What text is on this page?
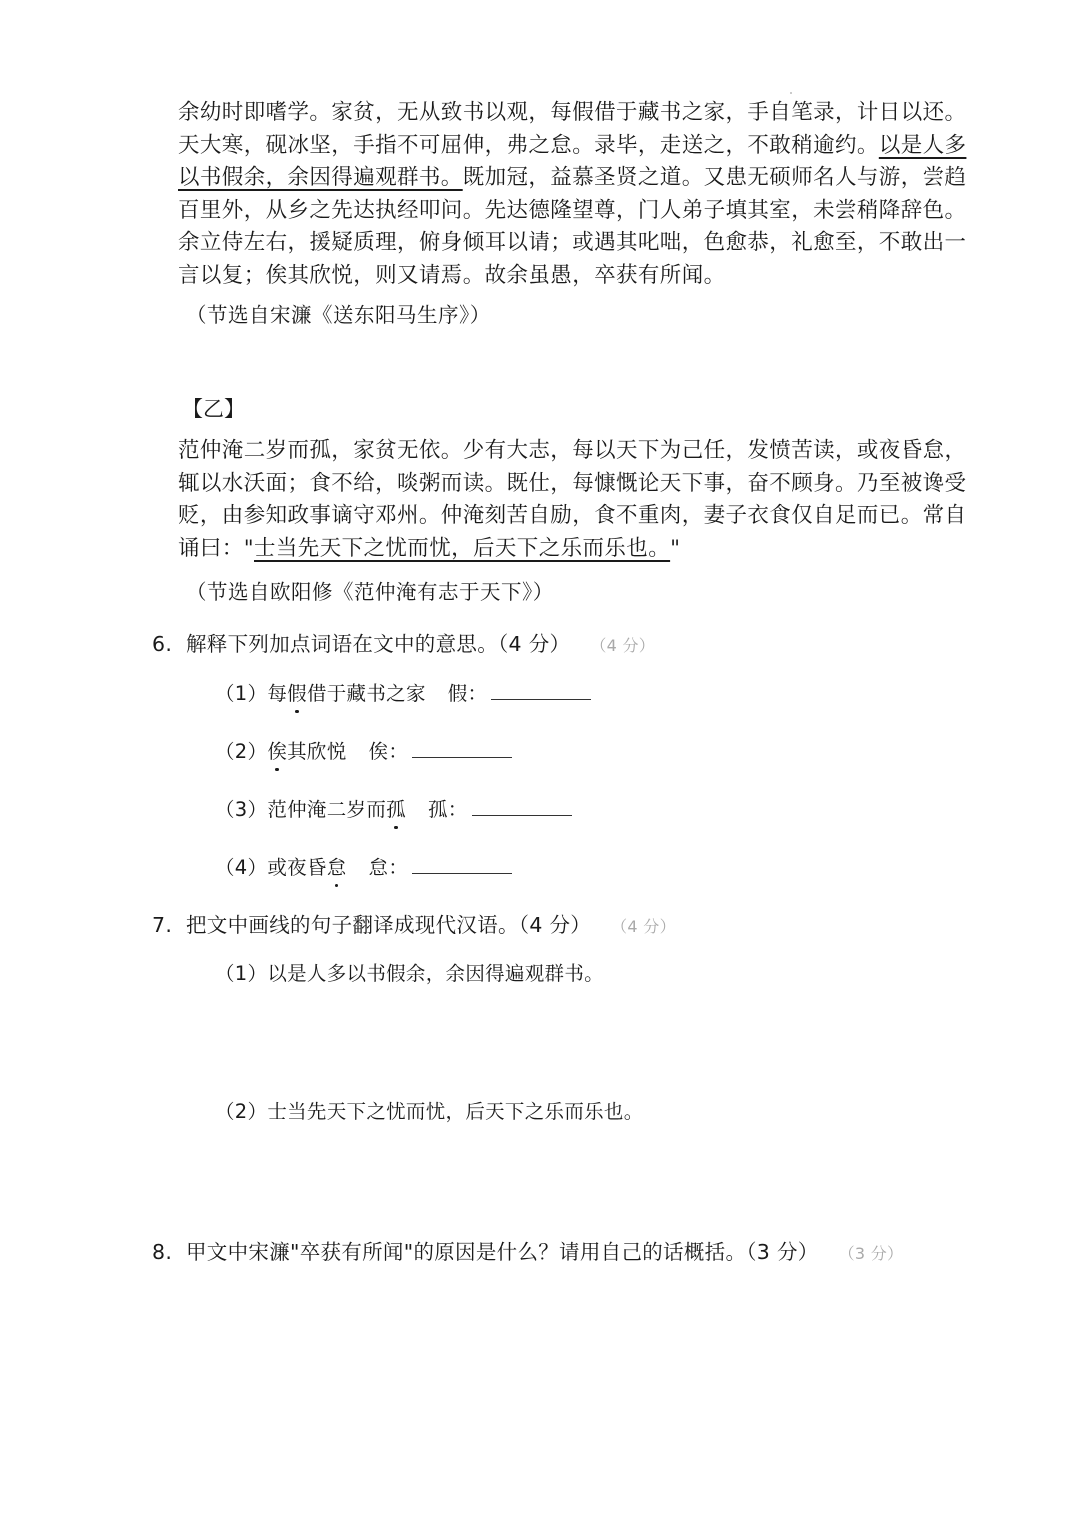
余幼时即嗜学。家贫，无从致书以观，每假借于藏书之家，手自笔录，计日以还。天大寒，砚冰坚，手指不可屈伸，弗之怠。录毕，走送之，不敢稍逾约。以是人多以书假余，余因得遍观群书。既加冠，益慕圣贤之道。又患无硕师名人与游，尝趋百里外，从乡之先达执经叩问。先达德隆望尊，门人弟子填其室，未尝稍降辞色。余立侍左右，援疑质理，俯身倾耳以请；或遇其叱咄，色愈恭，礼愈至，不敢出一言以复；俟其欣悦，则又请焉。故余虽愚，卒获有所闻。

（节选自宋濂《送东阳马生序》）

【乙】

范仲淹二岁而孤，家贫无依。少有大志，每以天下为己任，发愤苦读，或夜昏怠，辄以水沃面；食不给，啖粥而读。既仕，每慷慨论天下事，奋不顾身。乃至被谗受贬，由参知政事谪守邓州。仲淹刻苦自励，食不重肉，妻子衣食仅自足而已。常自诵曰："士当先天下之忧而忧，后天下之乐而乐也。"

（节选自欧阳修《范仲淹有志于天下》）

6. 解释下列加点词语在文中的意思。（4 分） （4 分）

（1）每假借于藏书之家 假：

（2）俟其欣悦 俟：

（3）范仲淹二岁而孤 孤：

（4）或夜昏怠 怠：

7. 把文中画线的句子翻译成现代汉语。（4 分） （4 分）

（1）以是人多以书假余，余因得遍观群书。

（2）士当先天下之忧而忧，后天下之乐而乐也。

8. 甲文中宋濂"卒获有所闻"的原因是什么？请用自己的话概括。（3 分） （3 分）
